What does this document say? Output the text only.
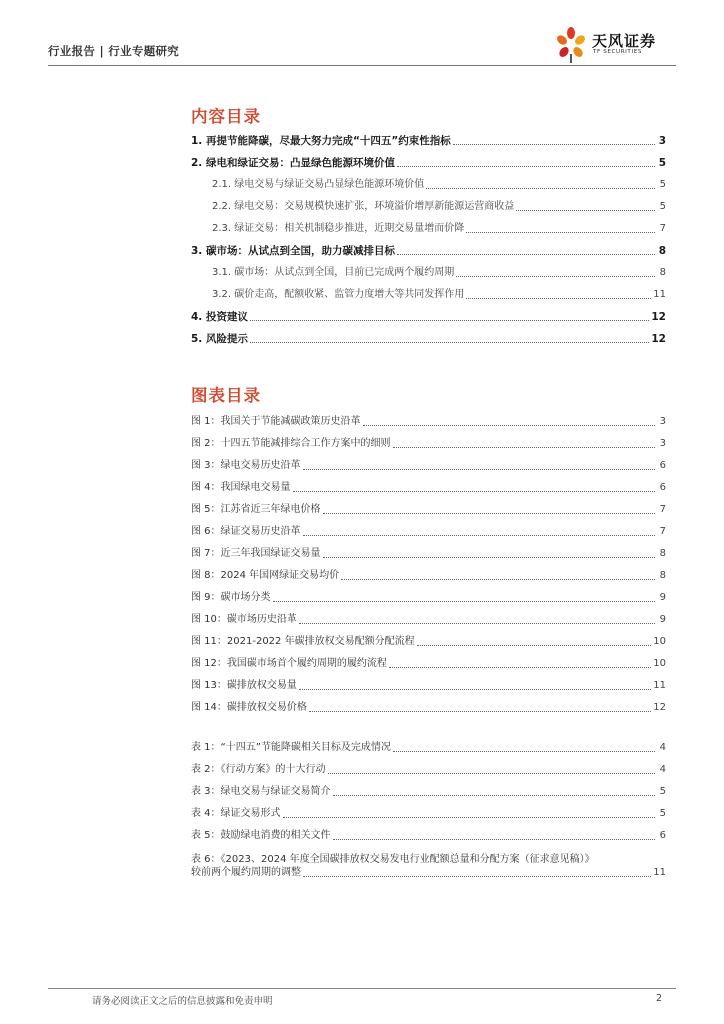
行业报告 | 行业专题研究
天风证券
TF SECURITIES
内容目录
1. 再提节能降碳，尽最大努力完成“十四五”约束性指标	3
2. 绿电和绿证交易：凸显绿色能源环境价值	5
2.1. 绿电交易与绿证交易凸显绿色能源环境价值	5
2.2. 绿电交易：交易规模快速扩张，环境溢价增厚新能源运营商收益	5
2.3. 绿证交易：相关机制稳步推进，近期交易量增而价降	7
3. 碳市场：从试点到全国，助力碳减排目标	8
3.1. 碳市场：从试点到全国，目前已完成两个履约周期	8
3.2. 碳价走高，配额收紧、监管力度增大等共同发挥作用	11
4. 投资建议	12
5. 风险提示	12
图表目录
图 1：我国关于节能减碳政策历史沿革	3
图 2：十四五节能减排综合工作方案中的细则	3
图 3：绿电交易历史沿革	6
图 4：我国绿电交易量	6
图 5：江苏省近三年绿电价格	7
图 6：绿证交易历史沿革	7
图 7：近三年我国绿证交易量	8
图 8：2024 年国网绿证交易均价	8
图 9：碳市场分类	9
图 10：碳市场历史沿革	9
图 11：2021-2022 年碳排放权交易配额分配流程	10
图 12：我国碳市场首个履约周期的履约流程	10
图 13：碳排放权交易量	11
图 14：碳排放权交易价格	12
表 1：“十四五”节能降碳相关目标及完成情况	4
表 2：《行动方案》的十大行动	4
表 3：绿电交易与绿证交易简介	5
表 4：绿证交易形式	5
表 5：鼓励绿电消费的相关文件	6
表 6：《2023、2024 年度全国碳排放权交易发电行业配额总量和分配方案（征求意见稿）》
较前两个履约周期的调整	11
请务必阅读正文之后的信息披露和免责申明	2
